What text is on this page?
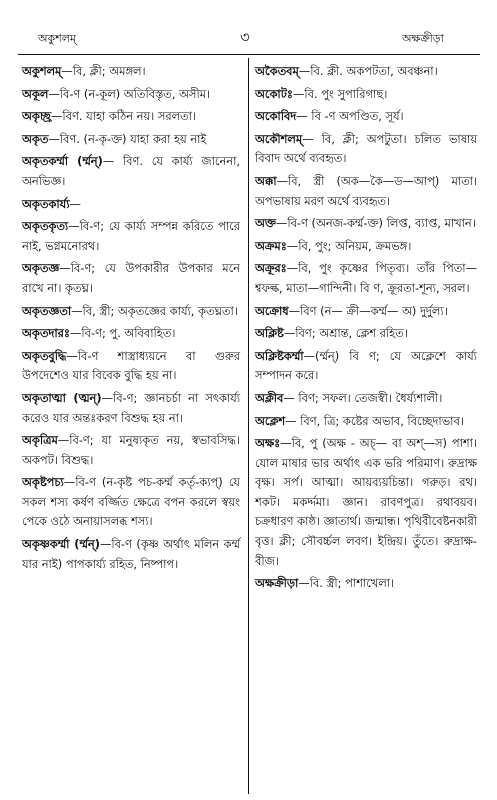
অকুশলম্	৩	অক্ষক্রীড়া

অকুশলম্—বি, ক্লী; অমঙ্গল।

অকূল—বি-ণ (ন-কূল) অতিবিস্তৃত, অসীম।

অকৃচ্ছ্র—বিণ. যাহা কঠিন নয়। সরলতা।

অকৃত—বিণ. (ন-কৃ-ক্ত) যাহা করা হয় নাই

অকৃতকর্ম্মা (র্ম্মন্)— বিণ. যে কার্য্য জানেনা, অনভিজ্ঞ।

অকৃতকার্য্য—

অকৃতকৃত্য—বি-ণ; যে কার্য্য সম্পন্ন করিতে পারে নাই, ভগ্নমনোরথ।

অকৃতজ্ঞ—বি-ণ; যে উপকারীর উপকার মনে রাখে না। কৃতঘ্ন।

অকৃতজ্ঞতা—বি, স্ত্রী; অকৃতজ্ঞের কার্য্য, কৃতঘ্নতা।

অকৃতদারঃ—বি-ণ; পু. অবিবাহিত।

অকৃতবুদ্ধি—বি-ণ শাস্ত্রাধ্যয়নে বা গুরুর উপদেশেও যার বিবেক বুদ্ধি হয় না।

অকৃতাত্মা (ত্মন্)—বি-ণ; জ্ঞানচর্চা না সৎকার্য্য করেও যার অন্তঃকরণ বিশুদ্ধ হয় না।

অকৃত্রিম—বি-ণ; যা মনুষ্যকৃত নয়, স্বভাবসিদ্ধ। অকপট। বিশুদ্ধ।

অকৃষ্টপচ্য—বি-ণ (ন-কৃষ্ট পচ-কর্ম্ম কর্তৃ-ক্যপ্) যে সকল শস্য কর্ষণ বর্জ্জিত ক্ষেত্রে বপন করলে স্বয়ং পেকে ওঠে অনায়াসলব্ধ শস্য।

অকৃষ্ণকর্ম্মা (র্ম্মন্)—বি-ণ (কৃষ্ণ অর্থাৎ মলিন কর্ম্ম যার নাই) পাপকার্য্য রহিত, নিষ্পাপ।

অকৈতবম্—বি. ক্লী. অকপটতা, অবঞ্চনা।

অকোটঃ—বি. পুং সুপারিগাছ।

অকোবিদ— বি -ণ অপণ্ডিত, সূর্য।

অকৌশলম্— বি, ক্লী; অপটুতা। চলিত ভাষায় বিবাদ অর্থে ব্যবহৃত।

অক্কা—বি, স্ত্রী (অক—কৈ—ড—আপ্) মাতা। অপভাষায় মরণ অর্থে ব্যবহৃত।

অক্ত—বি-ণ (অনজ-কর্ম্ম-ক্ত) লিপ্ত, ব্যাপ্ত, মাখান।

অক্রমঃ—বি, পুং; অনিয়ম, ক্রমভঙ্গ।

অক্রূরঃ—বি, পুং কৃষ্ণের পিতৃব্য। তাঁর পিতা—শ্বফল্ক, মাতা—গান্দিনী। বি ণ, ক্রূরতা-শূন্য, সরল।

অক্রোধ—বিণ (ন— ক্রী—কর্ম্ম— অ) দুর্দুল্য।

অক্লিষ্ট—বিণ; অশ্রান্ত, ক্লেশ রহিত।

অক্লিষ্টকর্ম্মা—(র্ম্মন্) বি ণ; যে অক্লেশে কার্য্য সম্পাদন করে।

অক্লীব— বিণ; সফল। তেজস্বী। ধৈর্য্যশালী।

অক্লেশ— বিণ, ত্রি; কষ্টের অভাব, বিচ্ছেদাভাব।

অক্ষঃ—বি, পু (অক্ষ - অচ্— বা অশ্—স) পাশা। যোল মাষার ভার অর্থাৎ এক ভরি পরিমাণ। রুদ্রাক্ষ বৃক্ষ। সর্প। আত্মা। আয়ব্যয়চিন্তা। গরুড়। রথ। শকট। মকর্দ্দমা। জ্ঞান। রাবণপুত্র। রথাবয়ব। চক্রধারণ কাষ্ঠ। জ্ঞাতার্থ। জন্মান্ধ। পৃথিবীবেষ্টনকারী বৃত্ত। ক্লী; সৌবর্চ্চল লবণ। ইন্দ্রিয়। তুঁতে। রুদ্রাক্ষ- বীজ।

অক্ষক্রীড়া—বি. স্ত্রী; পাশাখেলা।
